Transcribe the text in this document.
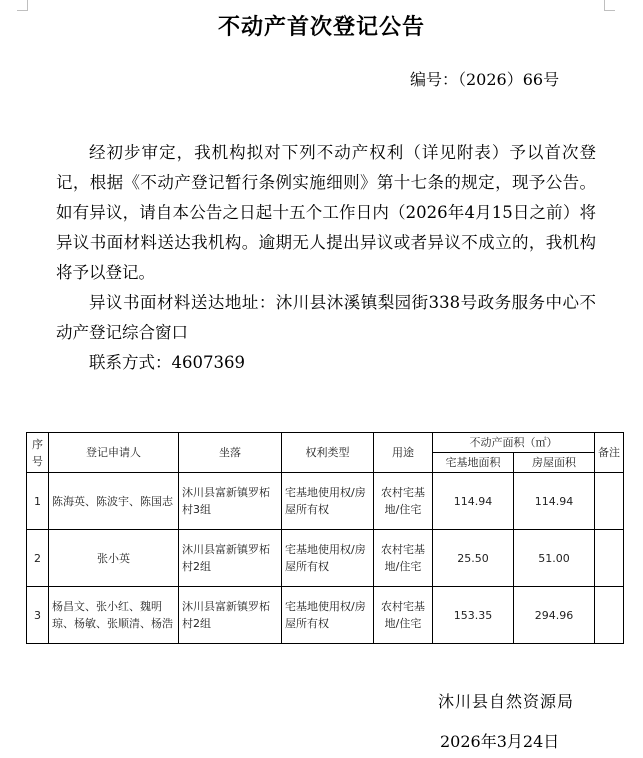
不动产首次登记公告
编号：（2026）66号

经初步审定，我机构拟对下列不动产权利（详见附表）予以首次登记，根据《不动产登记暂行条例实施细则》第十七条的规定，现予公告。如有异议，请自本公告之日起十五个工作日内（2026年4月15日之前）将异议书面材料送达我机构。逾期无人提出异议或者异议不成立的，我机构将予以登记。

异议书面材料送达地址：沐川县沐溪镇梨园街338号政务服务中心不动产登记综合窗口

联系方式：4607369

序号	登记申请人	坐落	权利类型	用途	不动产面积（㎡）		备注
					宅基地面积	房屋面积	
1	陈海英、陈波宇、陈国志	沐川县富新镇罗柘村3组	宅基地使用权/房屋所有权	农村宅基地/住宅	114.94	114.94	
2	张小英	沐川县富新镇罗柘村2组	宅基地使用权/房屋所有权	农村宅基地/住宅	25.50	51.00	
3	杨昌文、张小红、魏明琼、杨敏、张顺清、杨浩	沐川县富新镇罗柘村2组	宅基地使用权/房屋所有权	农村宅基地/住宅	153.35	294.96	
沐川县自然资源局
2026年3月24日
